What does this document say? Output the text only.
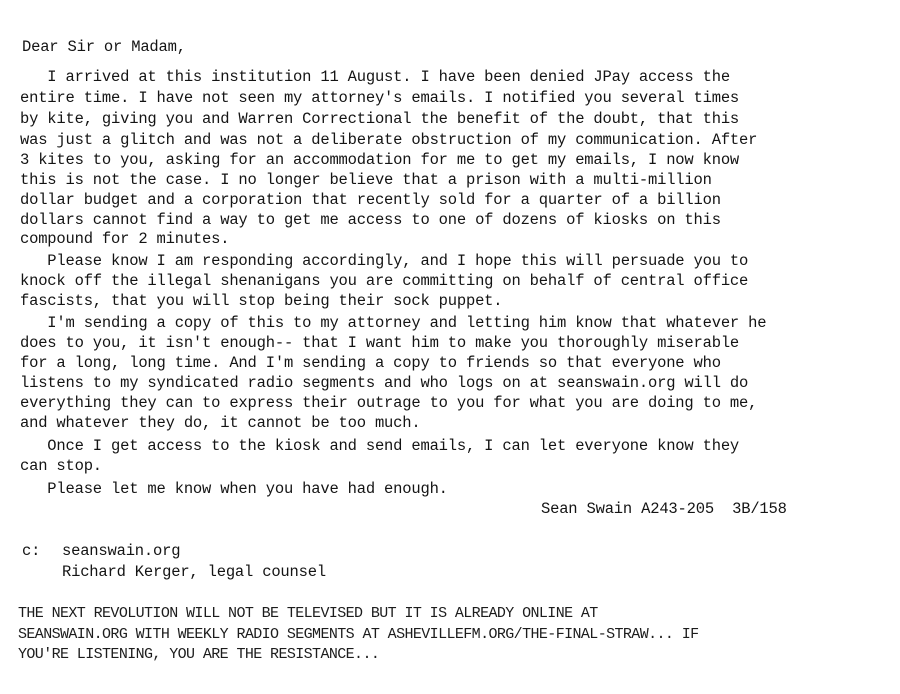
Dear Sir or Madam,
I arrived at this institution 11 August. I have been denied JPay access the
entire time. I have not seen my attorney's emails. I notified you several times
by kite, giving you and Warren Correctional the benefit of the doubt, that this
was just a glitch and was not a deliberate obstruction of my communication. After
3 kites to you, asking for an accommodation for me to get my emails, I now know
this is not the case. I no longer believe that a prison with a multi-million
dollar budget and a corporation that recently sold for a quarter of a billion
dollars cannot find a way to get me access to one of dozens of kiosks on this
compound for 2 minutes.
Please know I am responding accordingly, and I hope this will persuade you to
knock off the illegal shenanigans you are committing on behalf of central office
fascists, that you will stop being their sock puppet.
I'm sending a copy of this to my attorney and letting him know that whatever he
does to you, it isn't enough-- that I want him to make you thoroughly miserable
for a long, long time. And I'm sending a copy to friends so that everyone who
listens to my syndicated radio segments and who logs on at seanswain.org will do
everything they can to express their outrage to you for what you are doing to me,
and whatever they do, it cannot be too much.
Once I get access to the kiosk and send emails, I can let everyone know they
can stop.
Please let me know when you have had enough.
Sean Swain A243-205  3B/158
c:	seanswain.org
Richard Kerger, legal counsel
THE NEXT REVOLUTION WILL NOT BE TELEVISED BUT IT IS ALREADY ONLINE AT
SEANSWAIN.ORG WITH WEEKLY RADIO SEGMENTS AT ASHEVILLEFM.ORG/THE-FINAL-STRAW... IF
YOU'RE LISTENING, YOU ARE THE RESISTANCE...
